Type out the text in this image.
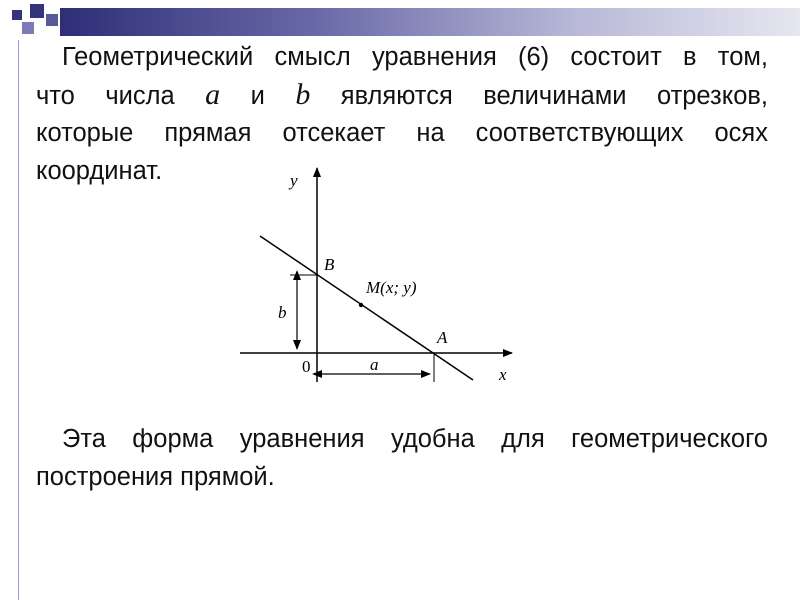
Геометрический смысл уравнения (6) состоит в том,
что числа a и b являются величинами отрезков,
которые прямая отсекает на соответствующих осях
координат.	y
x
0
B
A
M(x; y)
b
a
Эта форма уравнения удобна для геометрического
построения прямой.
